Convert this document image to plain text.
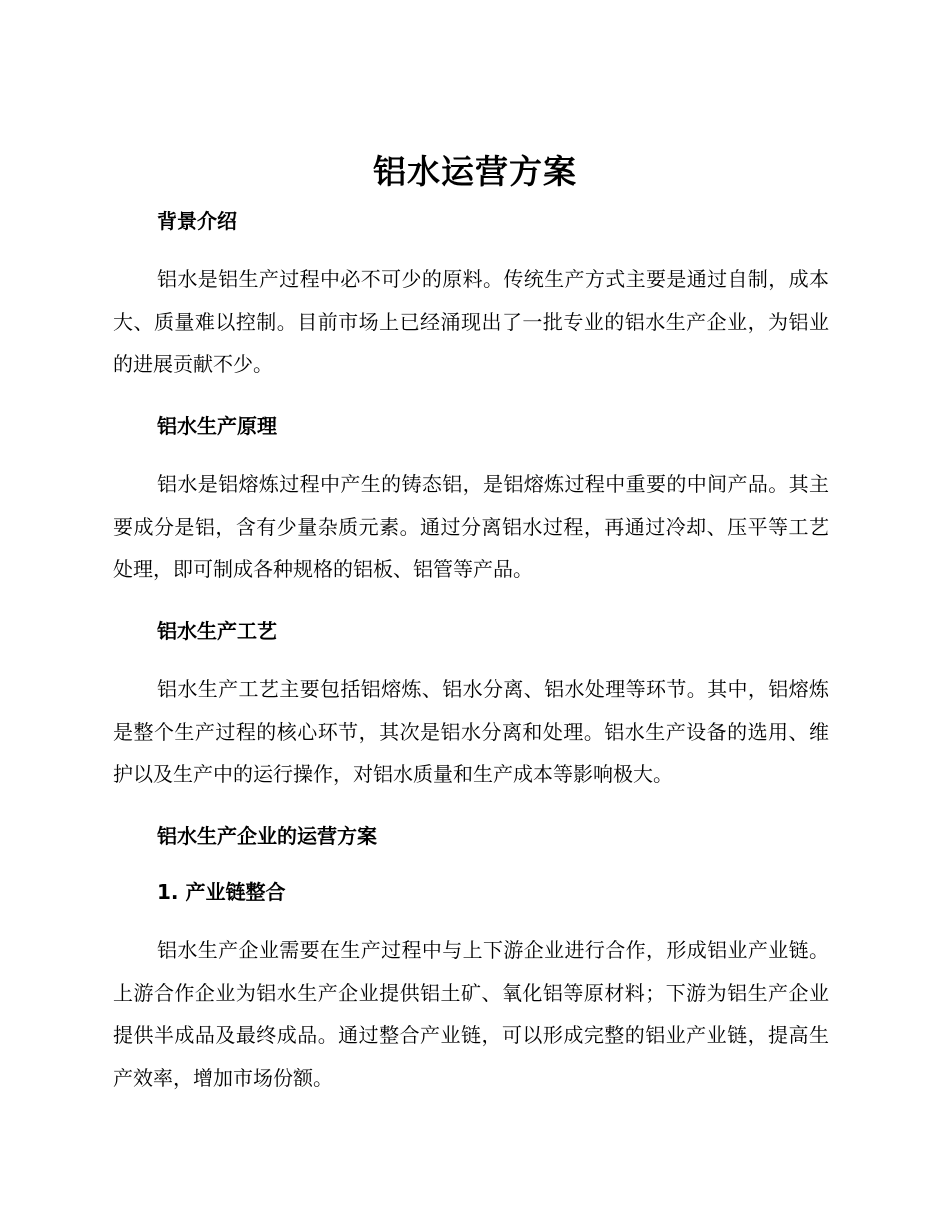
铝水运营方案
背景介绍

铝水是铝生产过程中必不可少的原料。传统生产方式主要是通过自制，成本大、质量难以控制。目前市场上已经涌现出了一批专业的铝水生产企业，为铝业的进展贡献不少。

铝水生产原理

铝水是铝熔炼过程中产生的铸态铝，是铝熔炼过程中重要的中间产品。其主要成分是铝，含有少量杂质元素。通过分离铝水过程，再通过冷却、压平等工艺处理，即可制成各种规格的铝板、铝管等产品。

铝水生产工艺

铝水生产工艺主要包括铝熔炼、铝水分离、铝水处理等环节。其中，铝熔炼是整个生产过程的核心环节，其次是铝水分离和处理。铝水生产设备的选用、维护以及生产中的运行操作，对铝水质量和生产成本等影响极大。

铝水生产企业的运营方案
1. 产业链整合

铝水生产企业需要在生产过程中与上下游企业进行合作，形成铝业产业链。上游合作企业为铝水生产企业提供铝土矿、氧化铝等原材料；下游为铝生产企业提供半成品及最终成品。通过整合产业链，可以形成完整的铝业产业链，提高生产效率，增加市场份额。
